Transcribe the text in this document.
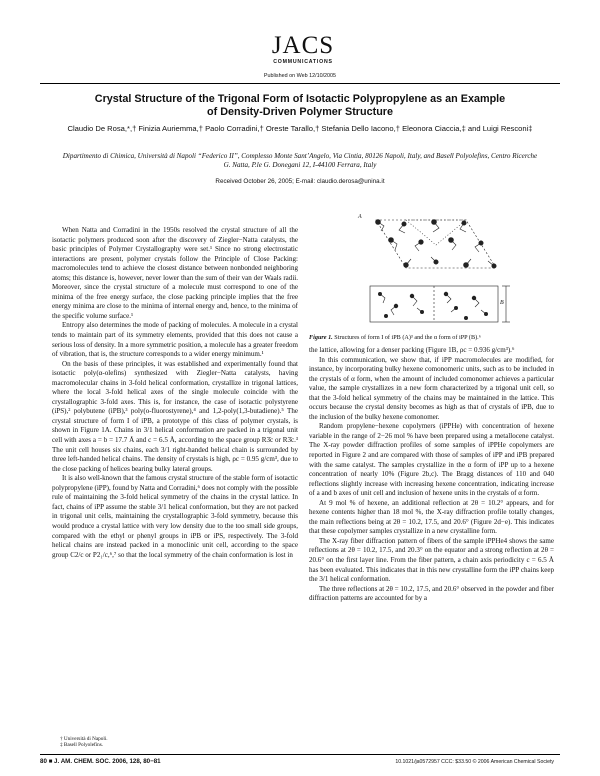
JACS
COMMUNICATIONS
Published on Web 12/10/2005
Crystal Structure of the Trigonal Form of Isotactic Polypropylene as an Example of Density-Driven Polymer Structure
Claudio De Rosa,*,† Finizia Auriemma,† Paolo Corradini,† Oreste Tarallo,† Stefania Dello Iacono,† Eleonora Ciaccia,‡ and Luigi Resconi‡
Dipartimento di Chimica, Università di Napoli “Federico II”, Complesso Monte Sant’Angelo, Via Cintia, 80126 Napoli, Italy, and Basell Polyolefins, Centro Ricerche G. Natta, P.le G. Donegani 12, I-44100 Ferrara, Italy
Received October 26, 2005; E-mail: claudio.derosa@unina.it

When Natta and Corradini in the 1950s resolved the crystal structure of all the isotactic polymers produced soon after the discovery of Ziegler−Natta catalysts, the basic principles of Polymer Crystallography were set.¹ Since no strong electrostatic interactions are present, polymer crystals follow the Principle of Close Packing: macromolecules tend to achieve the closest distance between nonbonded neighboring atoms; this distance is, however, never lower than the sum of their van der Waals radii. Moreover, since the crystal structure of a molecule must correspond to one of the minima of the free energy surface, the close packing principle implies that the free energy minima are close to the minima of internal energy and, hence, to the minima of the specific volume surface.¹

Entropy also determines the mode of packing of molecules. A molecule in a crystal tends to maintain part of its symmetry elements, provided that this does not cause a serious loss of density. In a more symmetric position, a molecule has a greater freedom of vibration, that is, the structure corresponds to a wider energy minimum.¹

On the basis of these principles, it was established and experimentally found that isotactic poly(α-olefins) synthesized with Ziegler−Natta catalysts, having macromolecular chains in 3-fold helical conformation, crystallize in trigonal lattices, where the local 3-fold helical axes of the single molecule coincide with the crystallographic 3-fold axes. This is, for instance, the case of isotactic polystyrene (iPS),² polybutene (iPB),³ poly(o-fluorostyrene),⁴ and 1,2-poly(1,3-butadiene).⁵ The crystal structure of form I of iPB, a prototype of this class of polymer crystals, is shown in Figure 1A. Chains in 3/1 helical conformation are packed in a trigonal unit cell with axes a = b = 17.7 Å and c = 6.5 Å, according to the space group R3̄c or R3̄c.³ The unit cell houses six chains, each 3/1 right-handed helical chain is surrounded by three left-handed helical chains. The density of crystals is high, ρc = 0.95 g/cm³, due to the close packing of helices bearing bulky lateral groups.

It is also well-known that the famous crystal structure of the stable form of isotactic polypropylene (iPP), found by Natta and Corradini,⁶ does not comply with the possible rule of maintaining the 3-fold helical symmetry of the chains in the crystal lattice. In fact, chains of iPP assume the stable 3/1 helical conformation, but they are not packed in trigonal unit cells, maintaining the crystallographic 3-fold symmetry, because this would produce a crystal lattice with very low density due to the too small side groups, compared with the ethyl or phenyl groups in iPB or iPS, respectively. The 3-fold helical chains are instead packed in a monoclinic unit cell, according to the space group C2/c or P2₁/c,⁶,⁷ so that the local symmetry of the chain conformation is lost in

A
B
Figure 1. Structures of form I of iPB (A)³ and the α form of iPP (B).⁶

the lattice, allowing for a denser packing (Figure 1B, ρc = 0.936 g/cm³).⁶

In this communication, we show that, if iPP macromolecules are modified, for instance, by incorporating bulky hexene comonomeric units, such as to be included in the crystals of α form, when the amount of included comonomer achieves a particular value, the sample crystallizes in a new form characterized by a trigonal unit cell, so that the 3-fold helical symmetry of the chains may be maintained in the lattice. This occurs because the crystal density becomes as high as that of crystals of iPB, due to the inclusion of the bulky hexene comonomer.

Random propylene−hexene copolymers (iPPHe) with concentration of hexene variable in the range of 2−26 mol % have been prepared using a metallocene catalyst. The X-ray powder diffraction profiles of some samples of iPPHe copolymers are reported in Figure 2 and are compared with those of samples of iPP and iPB prepared with the same catalyst. The samples crystallize in the α form of iPP up to a hexene concentration of nearly 10% (Figure 2b,c). The Bragg distances of 110 and 040 reflections slightly increase with increasing hexene concentration, indicating increase of a and b axes of unit cell and inclusion of hexene units in the crystals of α form.

At 9 mol % of hexene, an additional reflection at 2θ = 10.2° appears, and for hexene contents higher than 18 mol %, the X-ray diffraction profile totally changes, the main reflections being at 2θ = 10.2, 17.5, and 20.6° (Figure 2d−e). This indicates that these copolymer samples crystallize in a new crystalline form.

The X-ray fiber diffraction pattern of fibers of the sample iPPHe4 shows the same reflections at 2θ = 10.2, 17.5, and 20.3° on the equator and a strong reflection at 2θ = 20.6° on the first layer line. From the fiber pattern, a chain axis periodicity c = 6.5 Å has been evaluated. This indicates that in this new crystalline form the iPP chains keep the 3/1 helical conformation.

The three reflections at 2θ = 10.2, 17.5, and 20.6° observed in the powder and fiber diffraction patterns are accounted for by a

† Università di Napoli.
‡ Basell Polyolefins.
80 ■ J. AM. CHEM. SOC. 2006, 128, 80−81	10.1021/ja0572957 CCC: $33.50 © 2006 American Chemical Society
